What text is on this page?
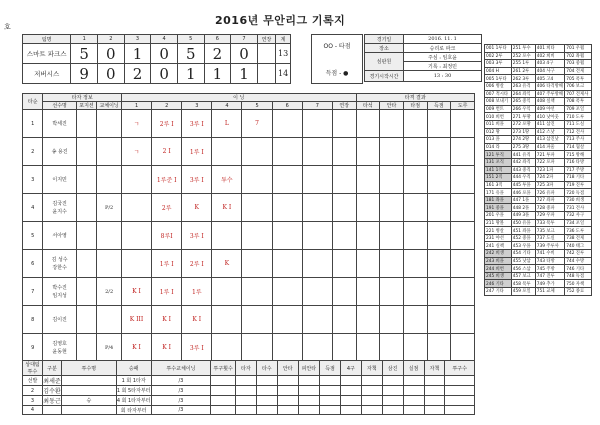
호	2016년 무안리그 기록지
팀명	1	2	3	4	5	6	7	연장	계
스마트 파크스	5	0	1	0	5	2	0		13
저버시스	9	0	2	0	1	1	1		14
OO - 타점
득점 - ●
경기일	2016. 11. 1
장소	승리로 파크
심판원	주심 : 임호윤
	기록 : 최정민
경기시작시간	13 : 30
타순	타자 정보			이 닝								타격 결과				
	선수명	포지션	교체이닝	1	2	3	4	5	6	7	연장	타석	안타	타점	득점	도루
1	박세진			ㄱ	2루 I	3루 I	L	7								
2	송 용진			ㄱ	2 I	1루 I										
3	이지민				1루준 I	3루 I	투수									
4	김국진
윤지수		P/2		2루	K	K I									
5	서아영				8루I	3루 I										
6	김 성수
강한수				1루 I	2루 I	K									
7	박수진
임지성		2/2	K I	1루 I	1루										
8	김이진			K III	K I	K I										
9	김영호
윤동현		P/4	K I	K I	3루 I										
상대팀 투수	구분	투수명	승패	투수교체이닝	투구횟수	타자	타수	안타	피안타	득점	4구	자책	삼진	실점	자책	투구수
선발	최세준		1 회 1타자	/3												
2	김수환		1 회 5타자부터	/3												
3	최동근	승	4 회 1타자부터	/3												
4			회 타자부터	/3												
001 1루타	251 투수	401 희타	701 우월
002 2루	252 포수	402 희비	702 좌월
003 3루	255 1루	403 4구	703 중월
004 H	261 2루	404 사구	704 견제
005 1루타	262 3루	405 고4	705 폭투
006 병살	263 유격	406 타격방해	706 보크
007 적시타	264 좌익	407 주루방해	707 견제사
008 보내기	265 중익	408 실책	708 폭투
009 번트	266 우익	409 야선	709 포일
010 희번	271 투땅	410 낫아웃	710 도루
011 희플	272 포땅	411 삼진	711 도실
012 땅	273 1땅	412 스낫	712 견사
013 플	274 2땅	413 삼진낫	713 주사
014 라	275 3땅	414 파울	714 협살
121 투직	441 유직	721 투파	715 방해
131 포직	442 좌직	722 포파	716 타방
141 1직	443 중직	723 1파	717 주방
151 2직	444 우직	724 2파	718 기타
161 3직	445 투플	725 3파	719 진루
171 유플	446 포플	726 유파	720 득점
181 좌플	447 1플	727 좌파	730 희생
191 중플	448 2플	728 중파	731 견사
201 우플	449 3플	729 우파	732 사구
211 땅볼	450 유플	733 폭투	734 포일
221 병살	451 좌플	735 보크	736 도루
231 야선	452 중플	737 도실	738 견제
241 실책	453 우플	739 주루사	740 태그
242 희생	454 기타	741 수비	742 진루
243 희플	455 낫삼	743 타방	744 수방
244 희번	456 스삼	745 주방	746 기타
245 희생	457 보크	747 진루	748 득점
246 기타	458 폭투	749 추가	750 자책
247 기타	459 포일	751 교체	752 종료
